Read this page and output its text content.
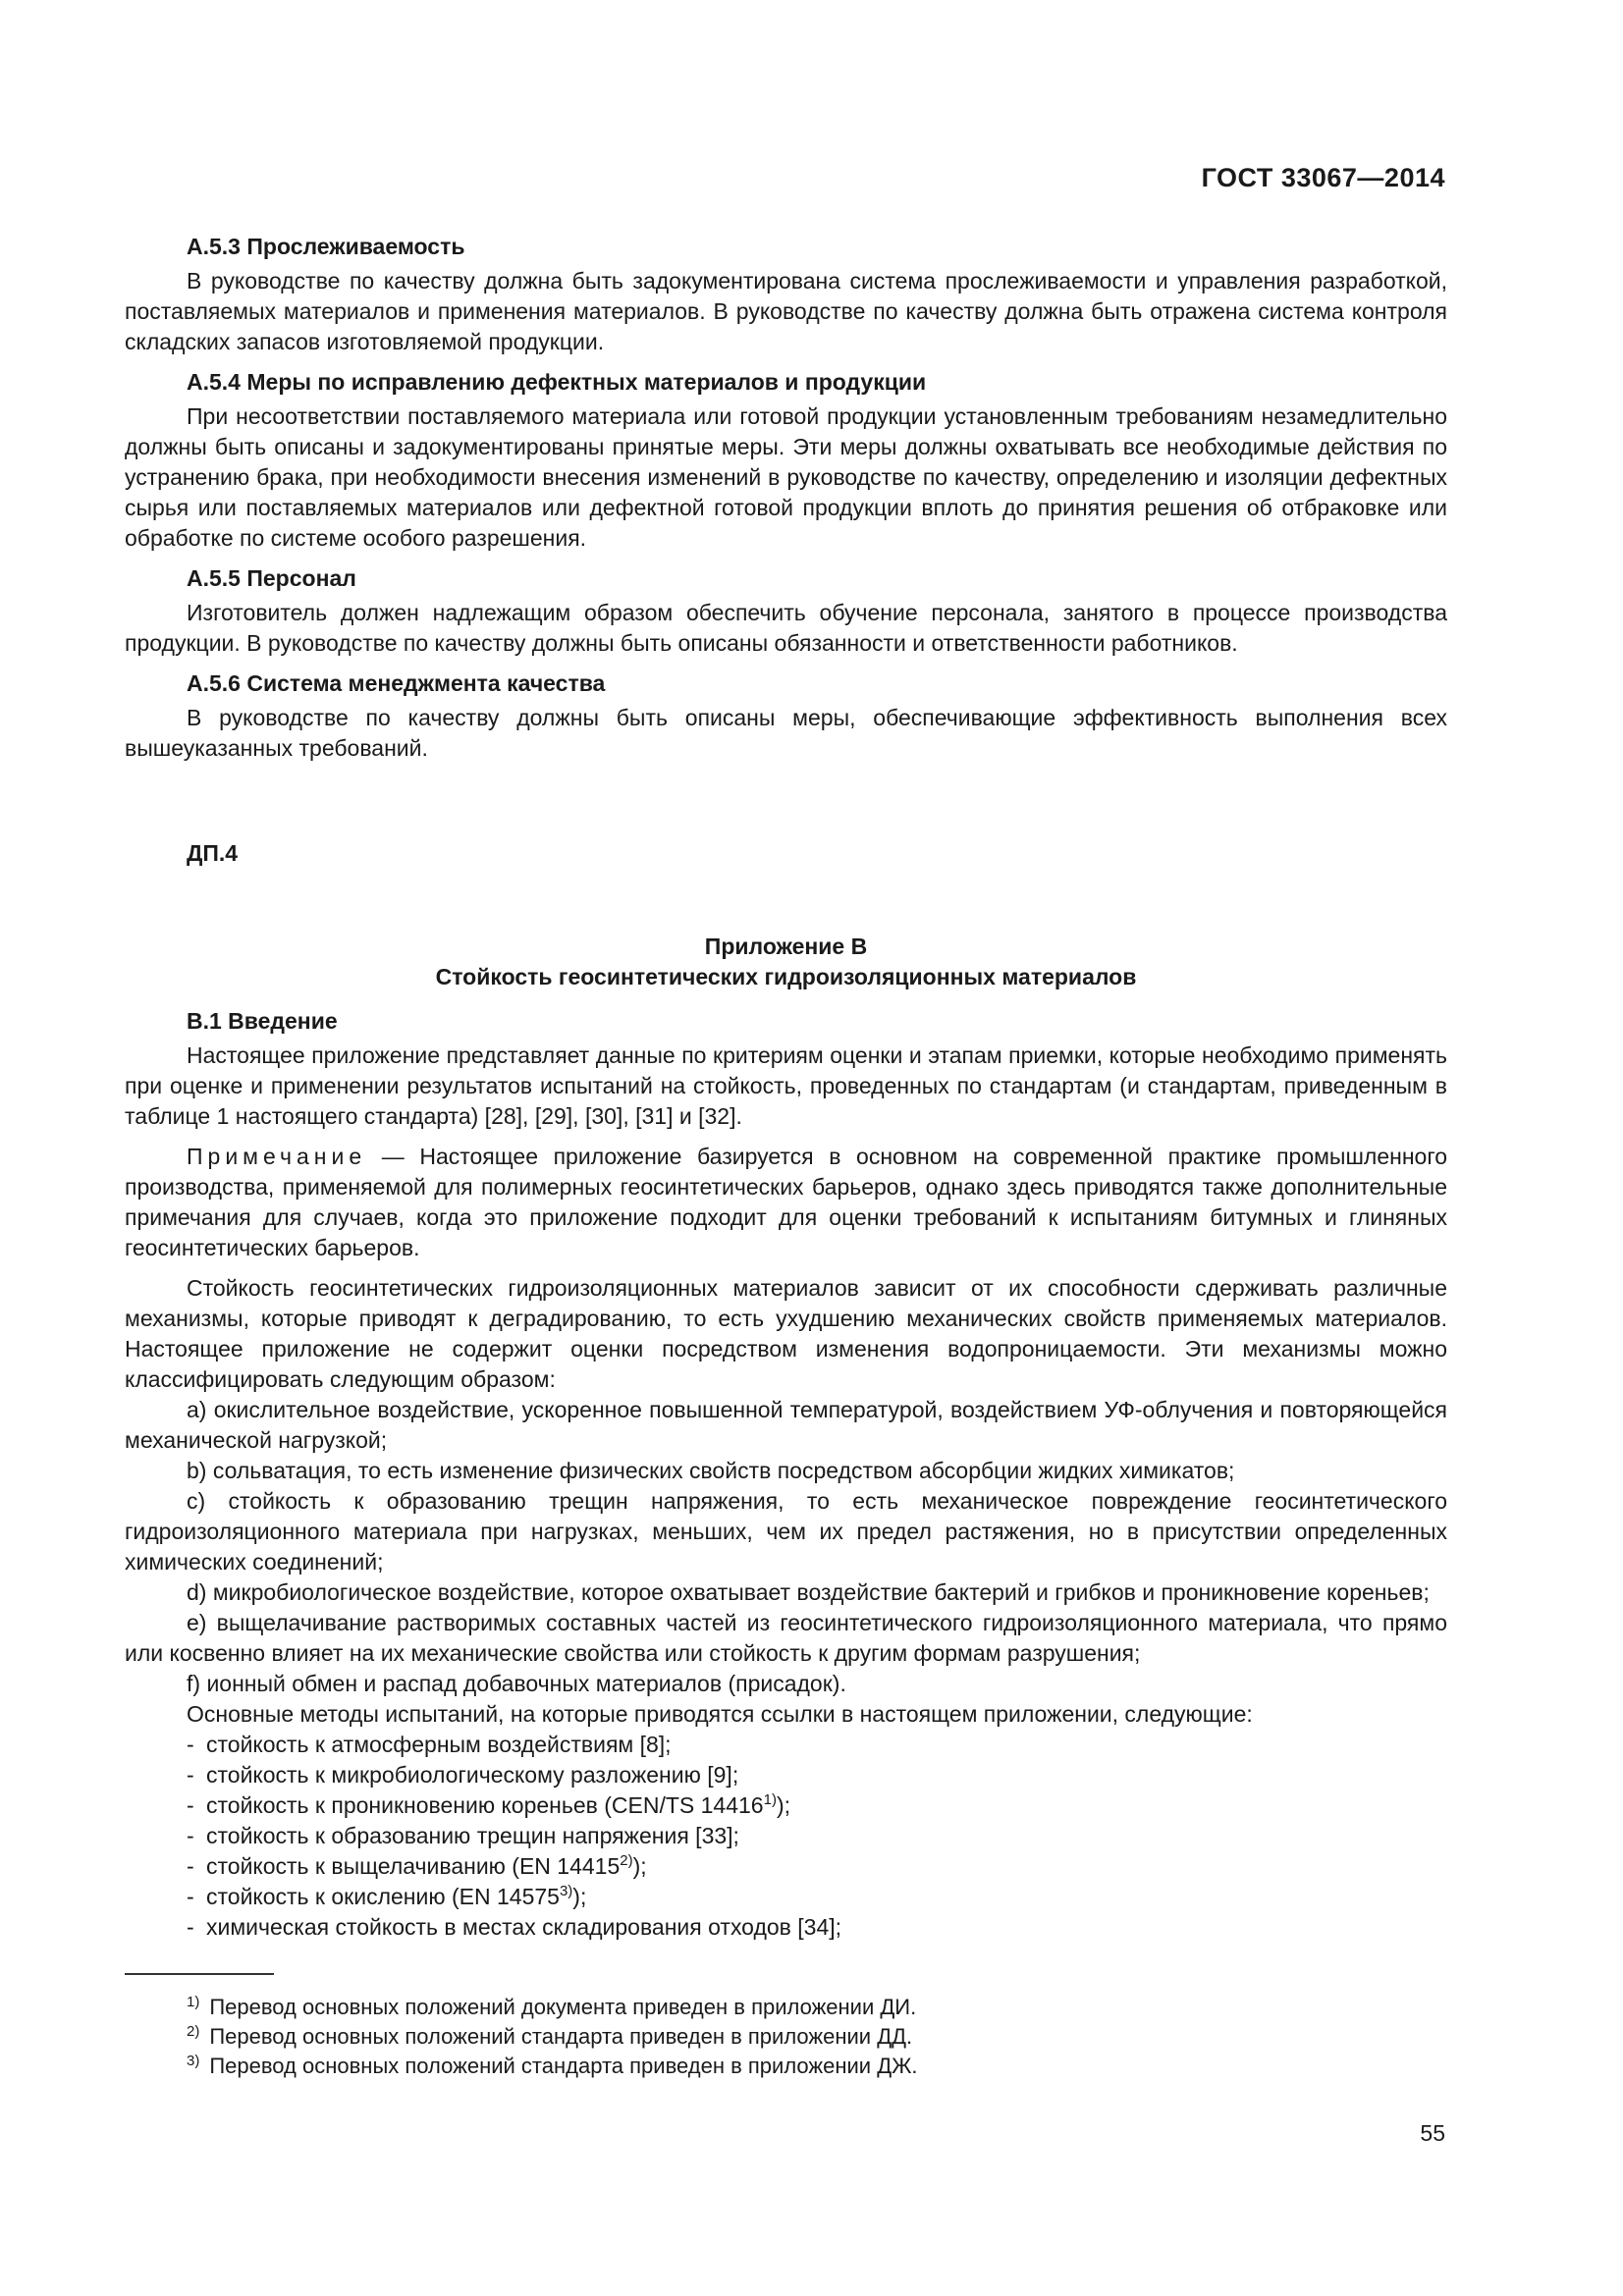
ГОСТ 33067—2014
А.5.3 Прослеживаемость
В руководстве по качеству должна быть задокументирована система прослеживаемости и управления разработкой, поставляемых материалов и применения материалов. В руководстве по качеству должна быть отражена система контроля складских запасов изготовляемой продукции.
А.5.4 Меры по исправлению дефектных материалов и продукции
При несоответствии поставляемого материала или готовой продукции установленным требованиям незамедлительно должны быть описаны и задокументированы принятые меры. Эти меры должны охватывать все необходимые действия по устранению брака, при необходимости внесения изменений в руководстве по качеству, определению и изоляции дефектных сырья или поставляемых материалов или дефектной готовой продукции вплоть до принятия решения об отбраковке или обработке по системе особого разрешения.
А.5.5 Персонал
Изготовитель должен надлежащим образом обеспечить обучение персонала, занятого в процессе производства продукции. В руководстве по качеству должны быть описаны обязанности и ответственности работников.
А.5.6 Система менеджмента качества
В руководстве по качеству должны быть описаны меры, обеспечивающие эффективность выполнения всех вышеуказанных требований.
ДП.4
Приложение В
Стойкость геосинтетических гидроизоляционных материалов
В.1 Введение
Настоящее приложение представляет данные по критериям оценки и этапам приемки, которые необходимо применять при оценке и применении результатов испытаний на стойкость, проведенных по стандартам (и стандартам, приведенным в таблице 1 настоящего стандарта) [28], [29], [30], [31] и [32].
Примечание — Настоящее приложение базируется в основном на современной практике промышленного производства, применяемой для полимерных геосинтетических барьеров, однако здесь приводятся также дополнительные примечания для случаев, когда это приложение подходит для оценки требований к испытаниям битумных и глиняных геосинтетических барьеров.
Стойкость геосинтетических гидроизоляционных материалов зависит от их способности сдерживать различные механизмы, которые приводят к деградированию, то есть ухудшению механических свойств применяемых материалов. Настоящее приложение не содержит оценки посредством изменения водопроницаемости. Эти механизмы можно классифицировать следующим образом:
a) окислительное воздействие, ускоренное повышенной температурой, воздействием УФ-облучения и повторяющейся механической нагрузкой;
b) сольватация, то есть изменение физических свойств посредством абсорбции жидких химикатов;
c) стойкость к образованию трещин напряжения, то есть механическое повреждение геосинтетического гидроизоляционного материала при нагрузках, меньших, чем их предел растяжения, но в присутствии определенных химических соединений;
d) микробиологическое воздействие, которое охватывает воздействие бактерий и грибков и проникновение кореньев;
e) выщелачивание растворимых составных частей из геосинтетического гидроизоляционного материала, что прямо или косвенно влияет на их механические свойства или стойкость к другим формам разрушения;
f) ионный обмен и распад добавочных материалов (присадок).
Основные методы испытаний, на которые приводятся ссылки в настоящем приложении, следующие:
- стойкость к атмосферным воздействиям [8];
- стойкость к микробиологическому разложению [9];
- стойкость к проникновению кореньев (CEN/TS 14416$^{1)}$);
- стойкость к образованию трещин напряжения [33];
- стойкость к выщелачиванию (EN 14415$^{2)}$);
- стойкость к окислению (EN 14575$^{3)}$);
- химическая стойкость в местах складирования отходов [34];
$^{1)}$ Перевод основных положений документа приведен в приложении ДИ.
$^{2)}$ Перевод основных положений стандарта приведен в приложении ДД.
$^{3)}$ Перевод основных положений стандарта приведен в приложении ДЖ.
55
